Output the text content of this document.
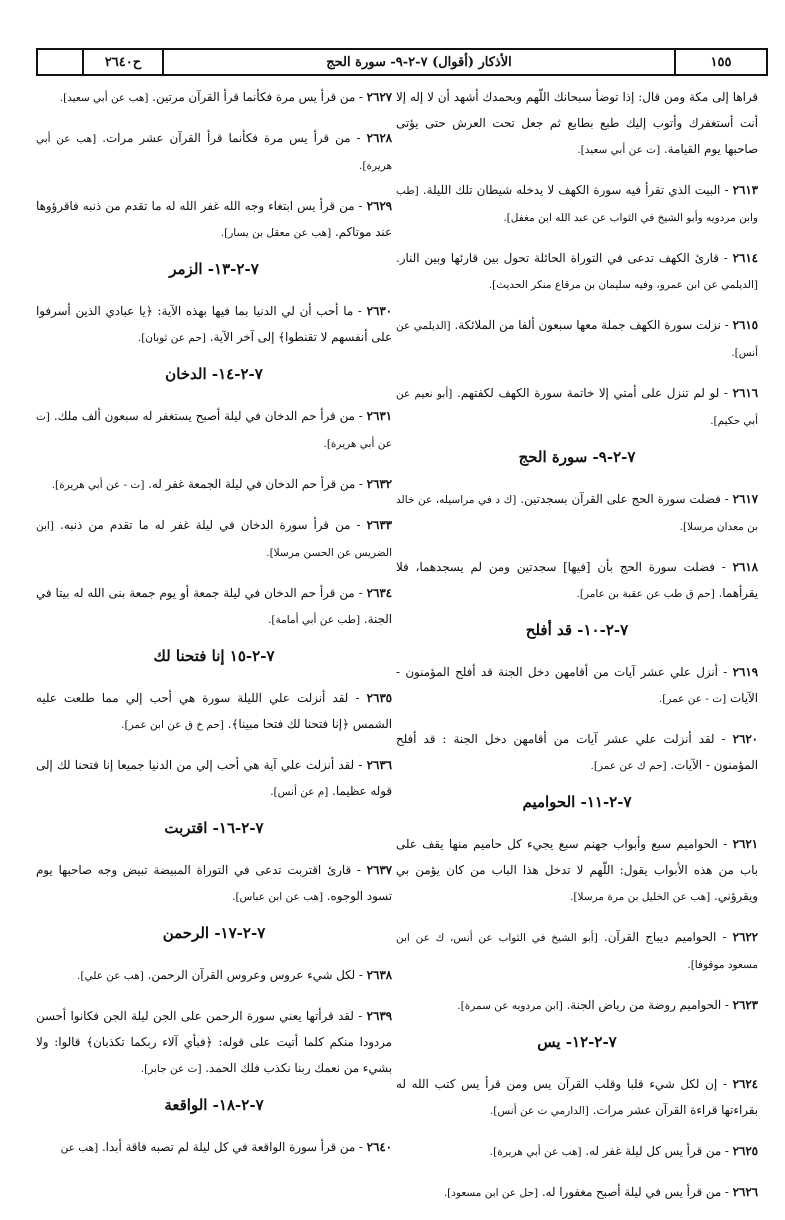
١٥٥
الأذكار (أقوال) ٧-٢-٩- سورة الحج
ح٢٦٤٠

قراها إلى مكة ومن قال: إذا توضأ سبحانك اللّهم وبحمدك أشهد أن لا إله إلا أنت أستغفرك وأتوب إليك طبع بطابع ثم جعل تحت العرش حتى يؤتى صاحبها يوم القيامة. [ت عن أبي سعيد].

٢٦١٣ - البيت الذي تقرأ فيه سورة الكهف لا يدخله شيطان تلك الليلة. [طب وابن مردويه وأبو الشيخ في الثواب عن عبد الله ابن مغفل].

٢٦١٤ - قارئ الكهف تدعى في التوراة الحائلة تحول بين قارئها وبين النار. [الديلمي عن ابن عمرو، وفيه سليمان بن مرقاع منكر الحديث].

٢٦١٥ - نزلت سورة الكهف جملة معها سبعون ألفا من الملائكة. [الديلمي عن أنس].

٢٦١٦ - لو لم تنزل على أمتي إلا خاتمة سورة الكهف لكفتهم. [أبو نعيم عن أبي حكيم].

٧-٢-٩- سورة الحج

٢٦١٧ - فضلت سورة الحج على القرآن بسجدتين. [ك د في مراسيله، عن خالد بن معدان مرسلا].

٢٦١٨ - فضلت سورة الحج بأن [فيها] سجدتين ومن لم يسجدهما، فلا يقرأهما. [حم ق طب عن عقبة بن عامر].

٧-٢-١٠- قد أفلح

٢٦١٩ - أنزل علي عشر آيات من أقامهن دخل الجنة قد أفلح المؤمنون - الآيات [ت - عن عمر].

٢٦٢٠ - لقد أنزلت علي عشر آيات من أقامهن دخل الجنة : قد أفلح المؤمنون - الآيات. [حم ك عن عمر].

٧-٢-١١- الحواميم

٢٦٢١ - الحواميم سبع وأبواب جهنم سبع يجيء كل حاميم منها يقف على باب من هذه الأبواب يقول: اللّهم لا تدخل هذا الباب من كان يؤمن بي ويقرؤني. [هب عن الخليل بن مرة مرسلا].

٢٦٢٢ - الحواميم ديباج القرآن. [أبو الشيخ في الثواب عن أنس، ك عن ابن مسعود موقوفا].

٢٦٢٣ - الحواميم روضة من رياض الجنة. [ابن مردويه عن سمرة].

٧-٢-١٢- يس

٢٦٢٤ - إن لكل شيء قلبا وقلب القرآن يس ومن قرأ يس كتب الله له بقراءتها قراءة القرآن عشر مرات. [الدارمي ت عن أنس].

٢٦٢٥ - من قرأ يس كل ليلة غفر له. [هب عن أبي هريرة].

٢٦٢٦ - من قرأ يس في ليلة أصبح مغفورا له. [حل عن ابن مسعود].

٢٦٢٧ - من قرأ يس مرة فكأنما قرأ القرآن مرتين. [هب عن أبي سعيد].

٢٦٢٨ - من قرأ يس مرة فكأنما قرأ القرآن عشر مرات. [هب عن أبي هريرة].

٢٦٢٩ - من قرأ يس ابتغاء وجه الله غفر الله له ما تقدم من ذنبه فاقرؤوها عند موتاكم. [هب عن معقل بن يسار].

٧-٢-١٣- الزمر

٢٦٣٠ - ما أحب أن لي الدنيا بما فيها بهذه الآية: ﴿يا عبادي الذين أسرفوا على أنفسهم لا تقنطوا﴾ إلى آخر الآية. [حم عن ثوبان].

٧-٢-١٤- الدخان

٢٦٣١ - من قرأ حم الدخان في ليلة أصبح يستغفر له سبعون ألف ملك. [ت عن أبي هريرة].

٢٦٣٢ - من قرأ حم الدخان في ليلة الجمعة غفر له. [ت - عن أبي هريرة].

٢٦٣٣ - من قرأ سورة الدخان في ليلة غفر له ما تقدم من ذنبه. [ابن الضريس عن الحسن مرسلا].

٢٦٣٤ - من قرأ حم الدخان في ليلة جمعة أو يوم جمعة بنى الله له بيتا في الجنة. [طب عن أبي أمامة].

٧-٢-١٥ إنا فتحنا لك

٢٦٣٥ - لقد أنزلت علي الليلة سورة هي أحب إلي مما طلعت عليه الشمس ﴿إنا فتحنا لك فتحا مبينا﴾. [حم خ ق عن ابن عمر].

٢٦٣٦ - لقد أنزلت علي آية هي أحب إلي من الدنيا جميعا إنا فتحنا لك إلى قوله عظيما. [م عن أنس].

٧-٢-١٦- اقتربت

٢٦٣٧ - قارئ اقتربت تدعى في التوراة المبيضة تبيض وجه صاحبها يوم تسود الوجوه. [هب عن ابن عباس].

٧-٢-١٧- الرحمن

٢٦٣٨ - لكل شيء عروس وعروس القرآن الرحمن. [هب عن علي].

٢٦٣٩ - لقد قرأتها يعني سورة الرحمن على الجن ليلة الجن فكانوا أحسن مردودا منكم كلما أتيت على قوله: ﴿فبأي آلاء ربكما تكذبان﴾ قالوا: ولا بشيء من نعمك ربنا نكذب فلك الحمد. [ت عن جابر].

٧-٢-١٨- الواقعة

٢٦٤٠ - من قرأ سورة الواقعة في كل ليلة لم تصبه فاقة أبدا. [هب عن
